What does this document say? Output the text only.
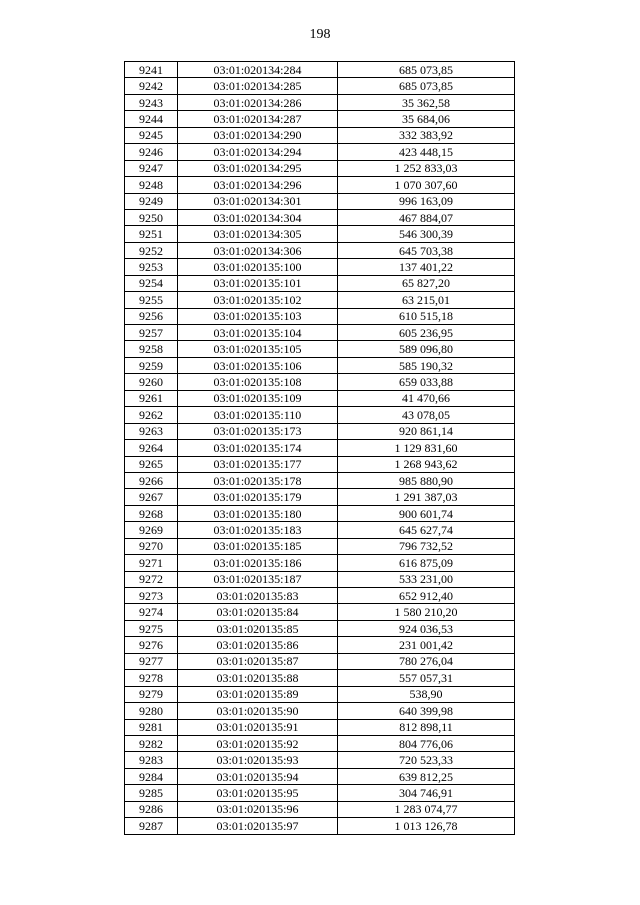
198
9241	03:01:020134:284	685 073,85
9242	03:01:020134:285	685 073,85
9243	03:01:020134:286	35 362,58
9244	03:01:020134:287	35 684,06
9245	03:01:020134:290	332 383,92
9246	03:01:020134:294	423 448,15
9247	03:01:020134:295	1 252 833,03
9248	03:01:020134:296	1 070 307,60
9249	03:01:020134:301	996 163,09
9250	03:01:020134:304	467 884,07
9251	03:01:020134:305	546 300,39
9252	03:01:020134:306	645 703,38
9253	03:01:020135:100	137 401,22
9254	03:01:020135:101	65 827,20
9255	03:01:020135:102	63 215,01
9256	03:01:020135:103	610 515,18
9257	03:01:020135:104	605 236,95
9258	03:01:020135:105	589 096,80
9259	03:01:020135:106	585 190,32
9260	03:01:020135:108	659 033,88
9261	03:01:020135:109	41 470,66
9262	03:01:020135:110	43 078,05
9263	03:01:020135:173	920 861,14
9264	03:01:020135:174	1 129 831,60
9265	03:01:020135:177	1 268 943,62
9266	03:01:020135:178	985 880,90
9267	03:01:020135:179	1 291 387,03
9268	03:01:020135:180	900 601,74
9269	03:01:020135:183	645 627,74
9270	03:01:020135:185	796 732,52
9271	03:01:020135:186	616 875,09
9272	03:01:020135:187	533 231,00
9273	03:01:020135:83	652 912,40
9274	03:01:020135:84	1 580 210,20
9275	03:01:020135:85	924 036,53
9276	03:01:020135:86	231 001,42
9277	03:01:020135:87	780 276,04
9278	03:01:020135:88	557 057,31
9279	03:01:020135:89	538,90
9280	03:01:020135:90	640 399,98
9281	03:01:020135:91	812 898,11
9282	03:01:020135:92	804 776,06
9283	03:01:020135:93	720 523,33
9284	03:01:020135:94	639 812,25
9285	03:01:020135:95	304 746,91
9286	03:01:020135:96	1 283 074,77
9287	03:01:020135:97	1 013 126,78
